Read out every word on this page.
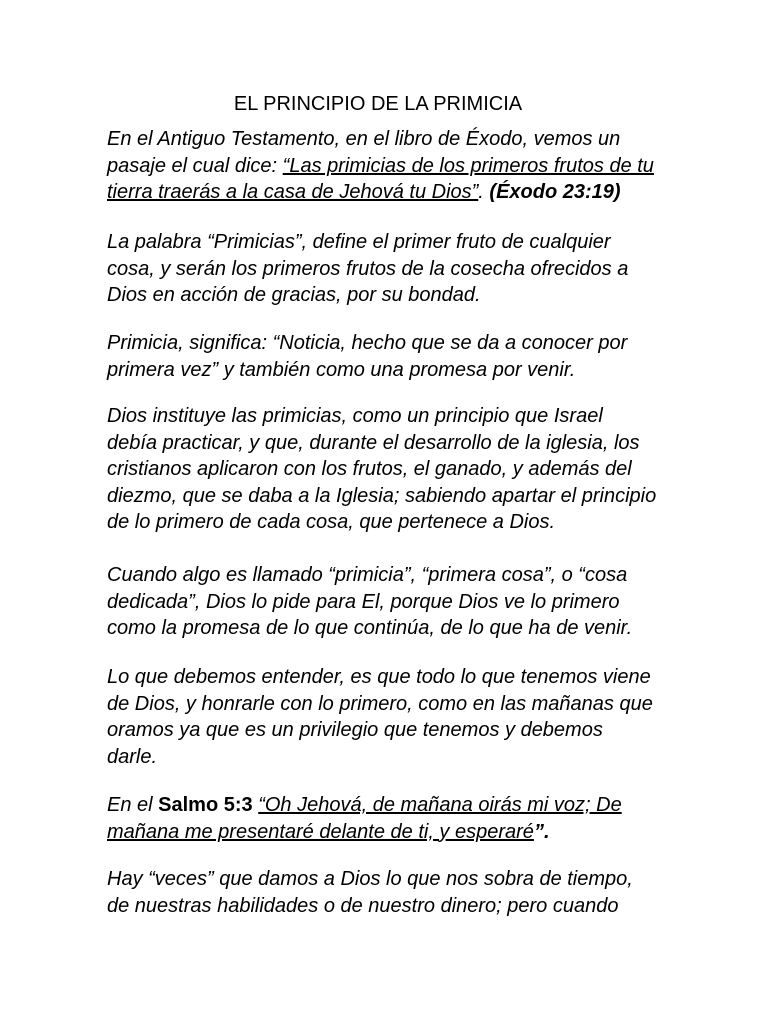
EL PRINCIPIO DE LA PRIMICIA

En el Antiguo Testamento, en el libro de Éxodo, vemos un
pasaje el cual dice: “Las primicias de los primeros frutos de tu
tierra traerás a la casa de Jehová tu Dios”. (Éxodo 23:19)

La palabra “Primicias”, define el primer fruto de cualquier
cosa, y serán los primeros frutos de la cosecha ofrecidos a
Dios en acción de gracias, por su bondad.

Primicia, significa: “Noticia, hecho que se da a conocer por
primera vez” y también como una promesa por venir.

Dios instituye las primicias, como un principio que Israel
debía practicar, y que, durante el desarrollo de la iglesia, los
cristianos aplicaron con los frutos, el ganado, y además del
diezmo, que se daba a la Iglesia; sabiendo apartar el principio
de lo primero de cada cosa, que pertenece a Dios.

Cuando algo es llamado “primicia”, “primera cosa”, o “cosa
dedicada”, Dios lo pide para El, porque Dios ve lo primero
como la promesa de lo que continúa, de lo que ha de venir.

Lo que debemos entender, es que todo lo que tenemos viene
de Dios, y honrarle con lo primero, como en las mañanas que
oramos ya que es un privilegio que tenemos y debemos
darle.

En el Salmo 5:3 “Oh Jehová, de mañana oirás mi voz; De
mañana me presentaré delante de ti, y esperaré”.

Hay “veces” que damos a Dios lo que nos sobra de tiempo,
de nuestras habilidades o de nuestro dinero; pero cuando
